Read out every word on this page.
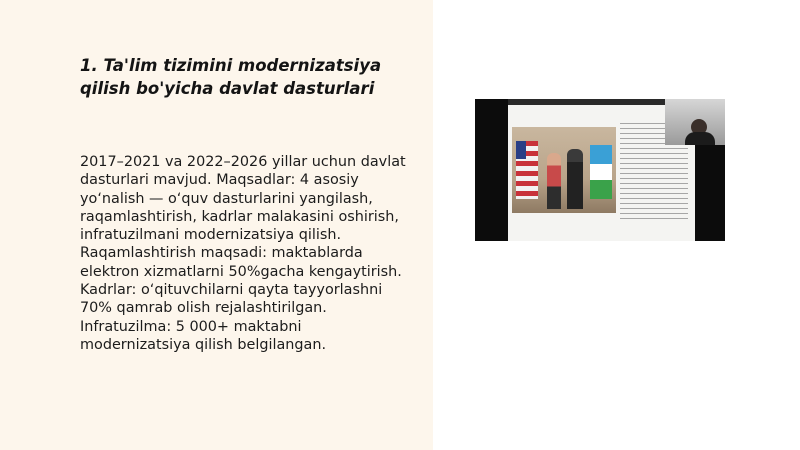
1. Ta'lim tizimini modernizatsiya qilish bo'yicha davlat dasturlari

2017–2021 va 2022–2026 yillar uchun davlat
dasturlari mavjud. Maqsadlar: 4 asosiy
yo‘nalish — o‘quv dasturlarini yangilash,
raqamlashtirish, kadrlar malakasini oshirish,
infratuzilmani modernizatsiya qilish.
Raqamlashtirish maqsadi: maktablarda
elektron xizmatlarni 50%gacha kengaytirish.
Kadrlar: o‘qituvchilarni qayta tayyorlashni
70% qamrab olish rejalashtirilgan.
Infratuzilma: 5 000+ maktabni
modernizatsiya qilish belgilangan.
